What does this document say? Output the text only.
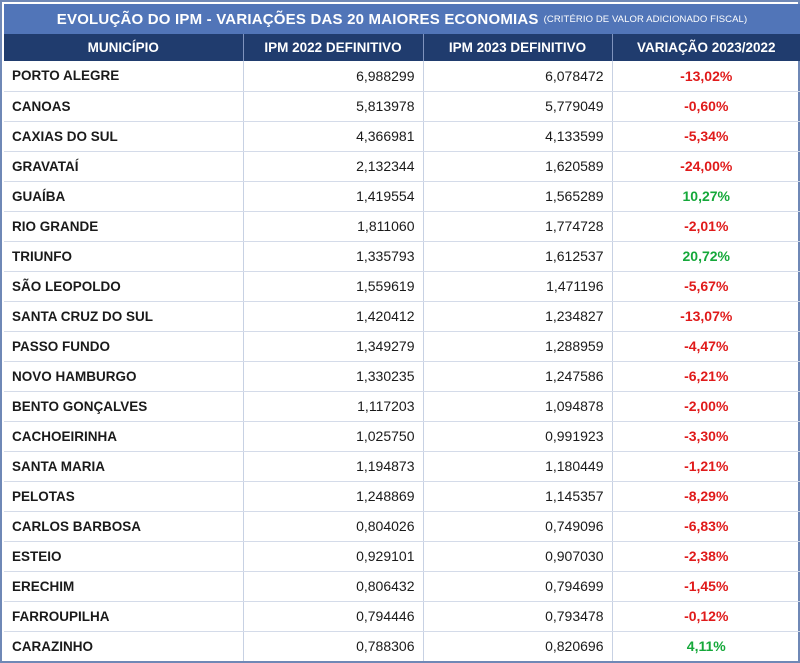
EVOLUÇÃO DO IPM - VARIAÇÕES DAS 20 MAIORES ECONOMIAS (CRITÉRIO DE VALOR ADICIONADO FISCAL)
MUNICÍPIO	IPM 2022 DEFINITIVO	IPM 2023 DEFINITIVO	VARIAÇÃO 2023/2022
PORTO ALEGRE	6,988299	6,078472	-13,02%
CANOAS	5,813978	5,779049	-0,60%
CAXIAS DO SUL	4,366981	4,133599	-5,34%
GRAVATAÍ	2,132344	1,620589	-24,00%
GUAÍBA	1,419554	1,565289	10,27%
RIO GRANDE	1,811060	1,774728	-2,01%
TRIUNFO	1,335793	1,612537	20,72%
SÃO LEOPOLDO	1,559619	1,471196	-5,67%
SANTA CRUZ DO SUL	1,420412	1,234827	-13,07%
PASSO FUNDO	1,349279	1,288959	-4,47%
NOVO HAMBURGO	1,330235	1,247586	-6,21%
BENTO GONÇALVES	1,117203	1,094878	-2,00%
CACHOEIRINHA	1,025750	0,991923	-3,30%
SANTA MARIA	1,194873	1,180449	-1,21%
PELOTAS	1,248869	1,145357	-8,29%
CARLOS BARBOSA	0,804026	0,749096	-6,83%
ESTEIO	0,929101	0,907030	-2,38%
ERECHIM	0,806432	0,794699	-1,45%
FARROUPILHA	0,794446	0,793478	-0,12%
CARAZINHO	0,788306	0,820696	4,11%
